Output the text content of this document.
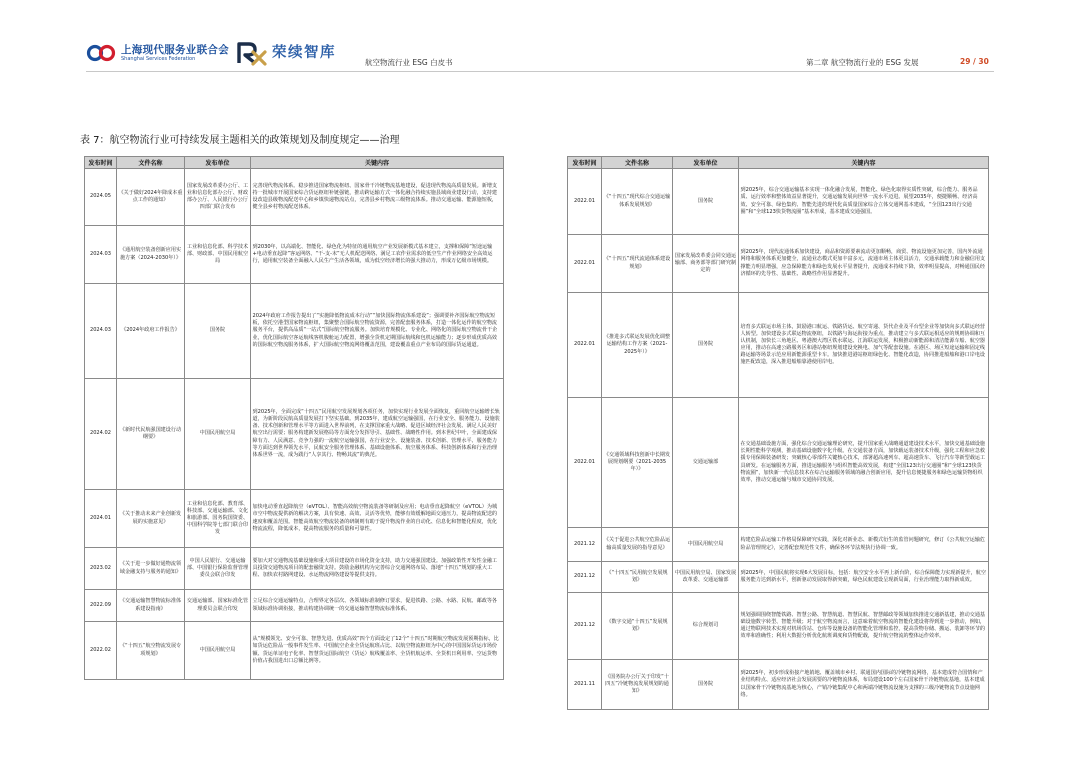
上海现代服务业联合会
Shanghai Services Federation	荣续智库
航空物流行业 ESG 白皮书	第二章 航空物流行业的 ESG 发展	29 / 30
表 7：航空物流行业可持续发展主题相关的政策规划及制度规定——治理
发布时间	文件名称	发布单位	关键内容
2024.05	《关于做好2024年降成本重点工作的通知》	国家发展改革委办公厅、工业和信息化部办公厅、财政部办公厅、人民银行办公厅四部门联合发布	完善现代物流体系。稳步推进国家物流枢纽、国家骨干冷链物流基地建设，促进现代物流高质量发展。新增支持一批城市开展国家综合货运枢纽补链强链，推动跨运输方式一体化融合持续实施县域商业建设行动，支持建设改造县级物流配送中心和乡镇快递物流站点，完善县乡村物流三级物流体系。推动交通运输、能源施短板，健全县乡村物流配送体系。
2024.03	《通用航空装备创新应用实施方案（2024-2030年）》	工业和信息化部、科学技术部、财政部、中国民用航空局	到2030年，以高端化、智能化、绿色化为特征的通用航空产业发展新模式基本建立，支撑和保障“短途运输+电动垂直起降”客运网络、“干-支-末”无人机配送网络、满足工农作业需求的低空生产作业网络安全高效运行，通用航空装备全面融入人民生产生活各领域，成为低空经济增长的强大推动力，形成万亿级市场规模。
2024.03	《2024年政府工作报告》	国务院	2024年政府工作报告提出了“实施降低物流成本行动”“加快国际物流体系建设”；强调要补齐国际航空物流短板，依托空港型国家物流枢纽，集聚整合国际航空物流资源，完善配套服务体系，打造一体化运作的航空物流服务平台，提供高品质“一站式”国际航空物流服务。加快培育规模化、专业化、网络化的国际航空物流骨干企业，优化国际航空客运航线客机腹舱运力配置，增强全货机定期国际航线和包机运输能力；逐步形成优质高效的国际航空物流服务体系，扩大国际航空物流网络覆盖范围，建设覆盖重点产业布局的国际货运通道。
2024.02	《新时代民航强国建设行动纲要》	中国民用航空局	到2025年，全面完成“十四五”民用航空发展规划各项任务，加快实现行业发展全面恢复，重回航空运输增长轨道，为新阶段民航高质量发展打下坚实基础。到2035年，建成航空运输强国，在行业安全、服务能力、设施装备、技术创新和管理水平等方面进入世界前列，在支撑国家重大战略、促进区域经济社会发展、满足人民美好航空出行需要；服务构建新发展格局等方面充分发挥导引、基础性、战略性作用。到本世纪中叶，全面建成保障有力、人民满意、竞争力强的一流航空运输强国，在行业安全、设施装备、技术创新、管理水平、服务能力等方面达到世界领先水平，民航安全服务管理体系、基础设施体系、航空服务体系、科技创新体系和行业治理体系世界一流，成为践行“人享其行、物畅其流”的典范。
2024.01	《关于推动未来产业创新发展的实施意见》	工业和信息化部、教育部、科技部、交通运输部、文化和旅游部、国务院国资委、中国科学院等七部门联合印发	加快电动垂直起降航空（eVTOL）、智能高效航空物流装备等研制及应用；电动垂直起降航空（eVTOL）为城市空中物流提供新的解决方案，具有快速、高效、灵活等优势，能够有效缓解地面交通压力，提高物流配送的速度和覆盖范围。智能高效航空物流装备的研制则有助于提升物流作业的自动化、信息化和智能化程度，优化物流流程，降低成本，提高物流服务的质量和可靠性。
2023.02	《关于进一步做好通物流领域金融支持与服务的通知》	中国人民银行、交通运输部、中国银行保险监督管理委员会联合印发	要加大对交通物流基础设施和重大项目建设的市场化资金支持，助力交通强国建设。加强政策性开发性金融工具投资交通物流项目的配套融资支持。鼓励金融机构为完善综合交通网络布局、落地“十四五”规划的重大工程、加快农村路网建设、水运物流网络建设等提供支持。
2022.09	《交通运输智慧物流标准体系建设指南》	交通运输部、国家标准化管理委员会联合印发	立足综合交通运输特点，合理界定各层次、各领域标准制修订要求，促进铁路、公路、水路、民航、邮政等各领域标准协调衔接，推动构建协调统一的交通运输智慧物流标准体系。
2022.02	《“十四五”航空物流发展专项规划》	中国民用航空局	从“规模领先、安全可靠、智慧先进、优质高效”四个方面设定了12个“十四五”时期航空物流发展预期指标，比如货运危险品一般事件发生率、中国航空企业全货运航班占比、以航空物流枢纽为中心的中国国际货运市场份额、货运单证电子化率、智慧货运国际航空（货运）航线覆盖率、全货机航运率、全货机日利用率、空运货物价值占我国进出口总额比例等。
发布时间	文件名称	发布单位	关键内容
2022.01	《“十四五”现代综合交通运输体系发展规划》	国务院	到2025年，综合交通运输基本实现一体化融合发展，智能化、绿色化取得实质性突破，综合能力、服务品质、运行效率和整体效益显著提升，交通运输发展向世界一流水平迈进。展望2035年，便捷顺畅、经济高效、安全可靠、绿色集约、智能先进的现代化高质量国家综合立体交通网基本建成，“全国123出行交通圈”和“全球123快货物流圈”基本形成，基本建成交通强国。
2022.01	《“十四五”现代流通体系建设规划》	国家发展改革委会同交通运输部、商务部等部门研究制定的	到2025年，现代流通体系加快建设，商品和资源要素流动更加顺畅，商贸、物流设施更加完善，国内外流通网络和服务体系更加健全，流通业态模式更加丰富多元，流通市场主体更具活力，交通承载能力和金融信用支撑能力明显增强，应急保障能力和绿色发展水平显著提升，流通成本持续下降，效率明显提高，对畅通国民经济循环的先导性、基础性、战略性作用显著提升。
2022.01	《推进多式联运发展优化调整运输结构工作方案（2021-2025年）》	国务院	培育多式联运市场主体，鼓励港口航运、铁路货运、航空寄递、货代企业及平台型企业等加快向多式联运经营人转型。加快建设多式联运物流枢纽，以铁路与海运衔接为重点，推动建立与多式联运相适应的规则协调和互认机制，加快长三角地区、粤港澳大湾区铁水联运、江海联运发展，积极推动新能源和清洁能源车船、航空器应用，推动在高速公路服务区和港站枢纽规划建设充换电、加气等配套设施。在港区、场区短途运输和固定线路运输等场景示范应用新能源重型卡车。加快推进港站枢纽绿色化、智能化改造，协同推进船舶和港口岸电设施匹配改造，深入推进船舶靠港使用岸电。
2022.01	《交通领域科技创新中长期发展规划纲要（2021-2035年）》	交通运输部	在交通基础设施方面，强化综合交通运输理论研究，提升国家重大战略通道建设技术水平，加快交通基础设施长期性能科学观测，推动基础设施数字化升级。在交通装备方面，加快载运装备技术升级，强化工程和应急救援专用保障装备研发；突破核心零部件关键核心技术，部署超高速列车、超高速货车、飞行汽车等新型载运工具研发。在运输服务方面，推进运输服务与组织智能高效发展，构建“全国123出行交通圈”和“全球123快货物流圈”，加快新一代信息技术在综合运输服务领域的融合创新应用，提升信息便捷服务和绿色运输货物组织效率，推动交通运输与城市交通协同发展。
2021.12	《关于促进公共航空危险品运输高质量发展的指导意见》	中国民用航空局	构建危险品运输工作格局保障研究实践，深化对新业态、新模式衍生的监管问题研究，修订《公共航空运输危险品管理规定》，完善配套规范性文件，确保各环节法规执行协调一致。
2021.12	《“十四五”民用航空发展规划》	中国民用航空局、国家发展改革委、交通运输部	到2025年，中国民航将实现6大发展目标，包括：航空安全水平再上新台阶，综合保障能力实现新提升，航空服务能力达到新水平，创新驱动发展取得新突破，绿色民航建设呈现新局面，行业治理能力取得新成效。
2021.12	《数字交通“十四五”发展规划》	综合规划司	规划强调围绕智能铁路、智慧公路、智慧航道、智慧民航、智慧邮政等领域加快推进交通新基建，推动交通基础设施数字转型、智能升级；对于航空物流而言，这意味着航空物流的智能化建设将得到进一步推动，例如，通过物联网技术实现对机场货站、仓库等设施设备的智能化管理和监控，提高货物存储、搬运、装卸等环节的效率和准确性；利用大数据分析优化航班调度和货物配载，提升航空物流的整体运作效率。
2021.11	《国务院办公厅关于印发“十四五”冷链物流发展规划的通知》	国务院	到2025年，初步形成衔接产地销地、覆盖城市乡村、联通国内国际的冷链物流网络，基本建成符合国情和产业结构特点、适应经济社会发展需要的冷链物流体系，布局建设100个左右国家骨干冷链物流基地，基本建成以国家骨干冷链物流基地为核心，产销冷链集配中心和两端冷链物流设施为支撑的三级冷链物流节点设施网络。
